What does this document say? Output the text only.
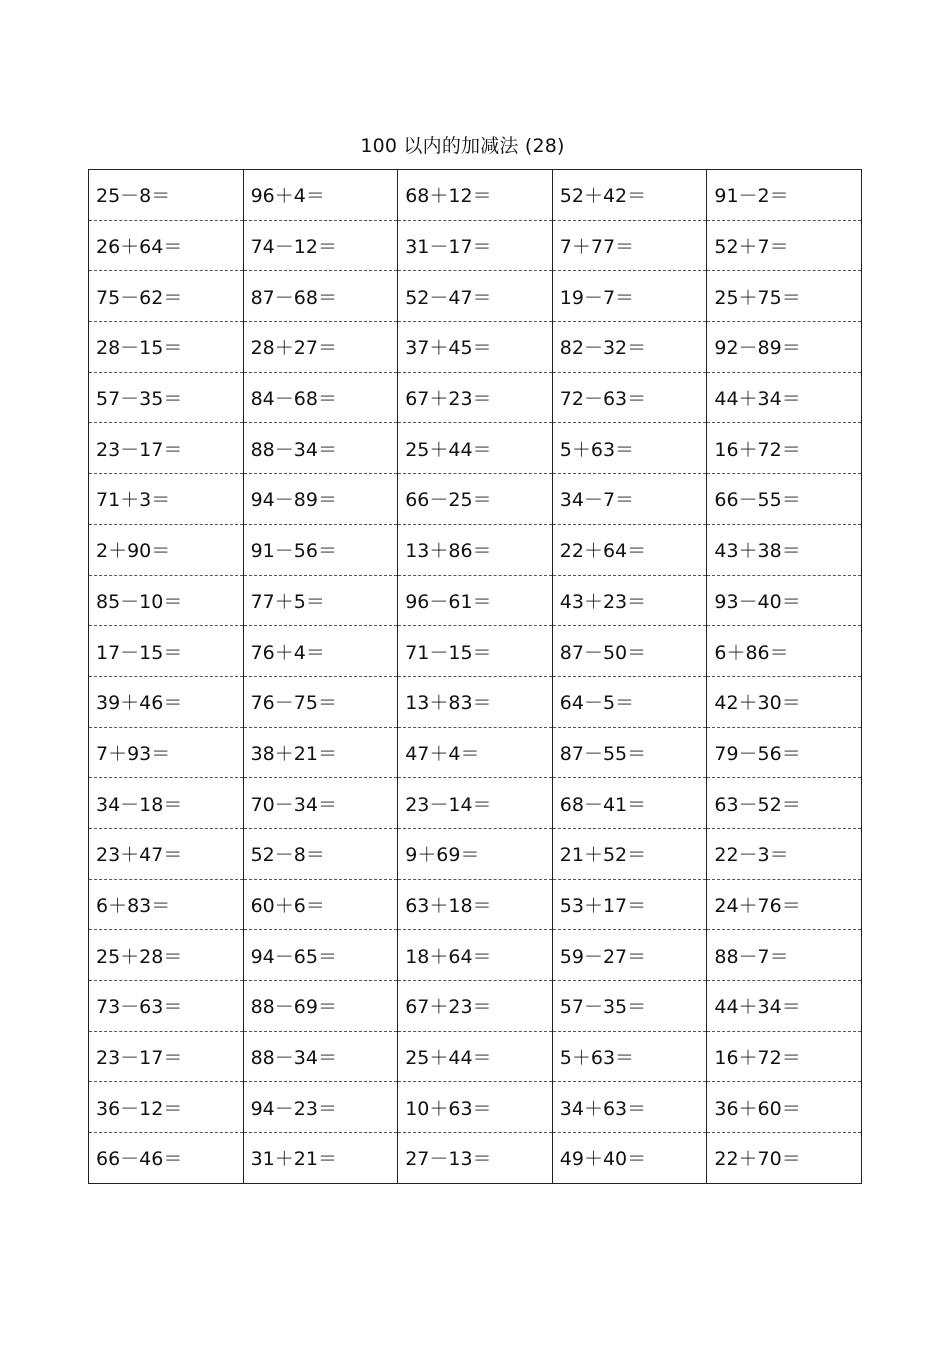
100 以内的加减法 (28)
25－8＝	96＋4＝	68＋12＝	52＋42＝	91－2＝
26＋64＝	74－12＝	31－17＝	7＋77＝	52＋7＝
75－62＝	87－68＝	52－47＝	19－7＝	25＋75＝
28－15＝	28＋27＝	37＋45＝	82－32＝	92－89＝
57－35＝	84－68＝	67＋23＝	72－63＝	44＋34＝
23－17＝	88－34＝	25＋44＝	5＋63＝	16＋72＝
71＋3＝	94－89＝	66－25＝	34－7＝	66－55＝
2＋90＝	91－56＝	13＋86＝	22＋64＝	43＋38＝
85－10＝	77＋5＝	96－61＝	43＋23＝	93－40＝
17－15＝	76＋4＝	71－15＝	87－50＝	6＋86＝
39＋46＝	76－75＝	13＋83＝	64－5＝	42＋30＝
7＋93＝	38＋21＝	47＋4＝	87－55＝	79－56＝
34－18＝	70－34＝	23－14＝	68－41＝	63－52＝
23＋47＝	52－8＝	9＋69＝	21＋52＝	22－3＝
6＋83＝	60＋6＝	63＋18＝	53＋17＝	24＋76＝
25＋28＝	94－65＝	18＋64＝	59－27＝	88－7＝
73－63＝	88－69＝	67＋23＝	57－35＝	44＋34＝
23－17＝	88－34＝	25＋44＝	5＋63＝	16＋72＝
36－12＝	94－23＝	10＋63＝	34＋63＝	36＋60＝
66－46＝	31＋21＝	27－13＝	49＋40＝	22＋70＝
